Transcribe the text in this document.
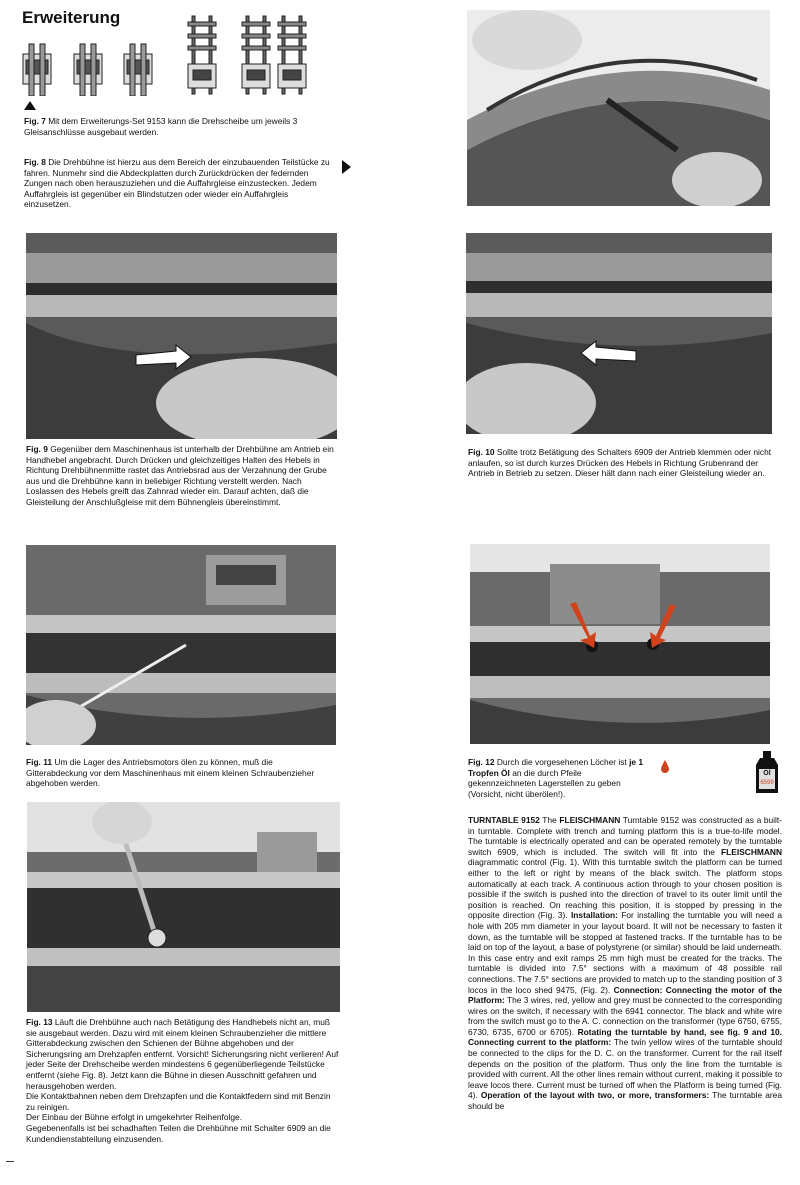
Erweiterung
Fig. 7 Mit dem Erweiterungs-Set 9153 kann die Drehscheibe um jeweils 3 Gleisanschlüsse ausgebaut werden.
Fig. 8 Die Drehbühne ist hierzu aus dem Bereich der einzubauenden Teilstücke zu fahren. Nunmehr sind die Abdeckplatten durch Zurückdrücken der federnden Zungen nach oben herauszuziehen und die Auffahrgleise einzustecken. Jedem Auffahrgleis ist gegenüber ein Blindstutzen oder wieder ein Auffahrgleis einzusetzen.
Fig. 9 Gegenüber dem Maschinenhaus ist unterhalb der Drehbühne am Antrieb ein Handhebel angebracht. Durch Drücken und gleichzeitiges Halten des Hebels in Richtung Drehbühnenmitte rastet das Antriebsrad aus der Verzahnung der Grube aus und die Drehbühne kann in beliebiger Richtung verstellt werden. Nach Loslassen des Hebels greift das Zahnrad wieder ein. Darauf achten, daß die Gleisteilung der Anschlußgleise mit dem Bühnengleis übereinstimmt.
Fig. 10 Sollte trotz Betätigung des Schalters 6909 der Antrieb klemmen oder nicht anlaufen, so ist durch kurzes Drücken des Hebels in Richtung Grubenrand der Antrieb in Betrieb zu setzen. Dieser hält dann nach einer Gleisteilung wieder an.
Fig. 11 Um die Lager des Antriebsmotors ölen zu können, muß die Gitterabdeckung vor dem Maschinenhaus mit einem kleinen Schraubenzieher abgehoben werden.
Fig. 12 Durch die vorgesehenen Löcher ist je 1 Tropfen Öl an die durch Pfeile gekennzeichneten Lagerstellen zu geben (Vorsicht, nicht überölen!).
Öl
6599
Fig. 13 Läuft die Drehbühne auch nach Betätigung des Handhebels nicht an, muß sie ausgebaut werden. Dazu wird mit einem kleinen Schraubenzieher die mittlere Gitterabdeckung zwischen den Schienen der Bühne abgehoben und der Sicherungsring am Drehzapfen entfernt. Vorsicht! Sicherungsring nicht verlieren! Auf jeder Seite der Drehscheibe werden mindestens 6 gegenüberliegende Teilstücke entfernt (siehe Fig. 8). Jetzt kann die Bühne in diesen Ausschnitt gefahren und herausgehoben werden.
Die Kontaktbahnen neben dem Drehzapfen und die Kontaktfedern sind mit Benzin zu reinigen.
Der Einbau der Bühne erfolgt in umgekehrter Reihenfolge.
Gegebenenfalls ist bei schadhaften Teilen die Drehbühne mit Schalter 6909 an die Kundendienstabteilung einzusenden.
TURNTABLE 9152 The FLEISCHMANN Turntable 9152 was constructed as a built-in turntable. Complete with trench and turning platform this is a true-to-life model. The turntable is electrically operated and can be operated remotely by the turntable switch 6909, which is included. The switch will fit into the FLEISCHMANN diagrammatic control (Fig. 1). With this turntable switch the platform can be turned either to the left or right by means of the black switch. The platform stops automatically at each track. A continuous action through to your chosen position is possible if the switch is pushed into the direction of travel to its outer limit until the position is reached. On reaching this position, it is stopped by pressing in the opposite direction (Fig. 3). Installation: For installing the turntable you will need a hole with 205 mm diameter in your layout board. It will not be necessary to fasten it down, as the turntable will be stopped at fastened tracks. If the turntable has to be laid on top of the layout, a base of polystyrene (or similar) should be laid underneath. In this case entry and exit ramps 25 mm high must be created for the tracks. The turntable is divided into 7.5° sections with a maximum of 48 possible rail connections. The 7.5° sections are provided to match up to the standing position of 3 locos in the loco shed 9475, (Fig. 2). Connection: Connecting the motor of the Platform: The 3 wires, red, yellow and grey must be connected to the corresponding wires on the switch, if necessary with the 6941 connector. The black and white wire from the switch must go to the A. C. connection on the transformer (type 6750, 6755, 6730, 6735, 6700 or 6705). Rotating the turntable by hand, see fig. 9 and 10. Connecting current to the platform: The twin yellow wires of the turntable should be connected to the clips for the D. C. on the transformer. Current for the rail itself depends on the position of the platform. Thus only the line from the turntable is provided with current. All the other lines remain without current, making it possible to leave locos there. Current must be turned off when the Platform is being turned (Fig. 4). Operation of the layout with two, or more, transformers: The turntable area should be
